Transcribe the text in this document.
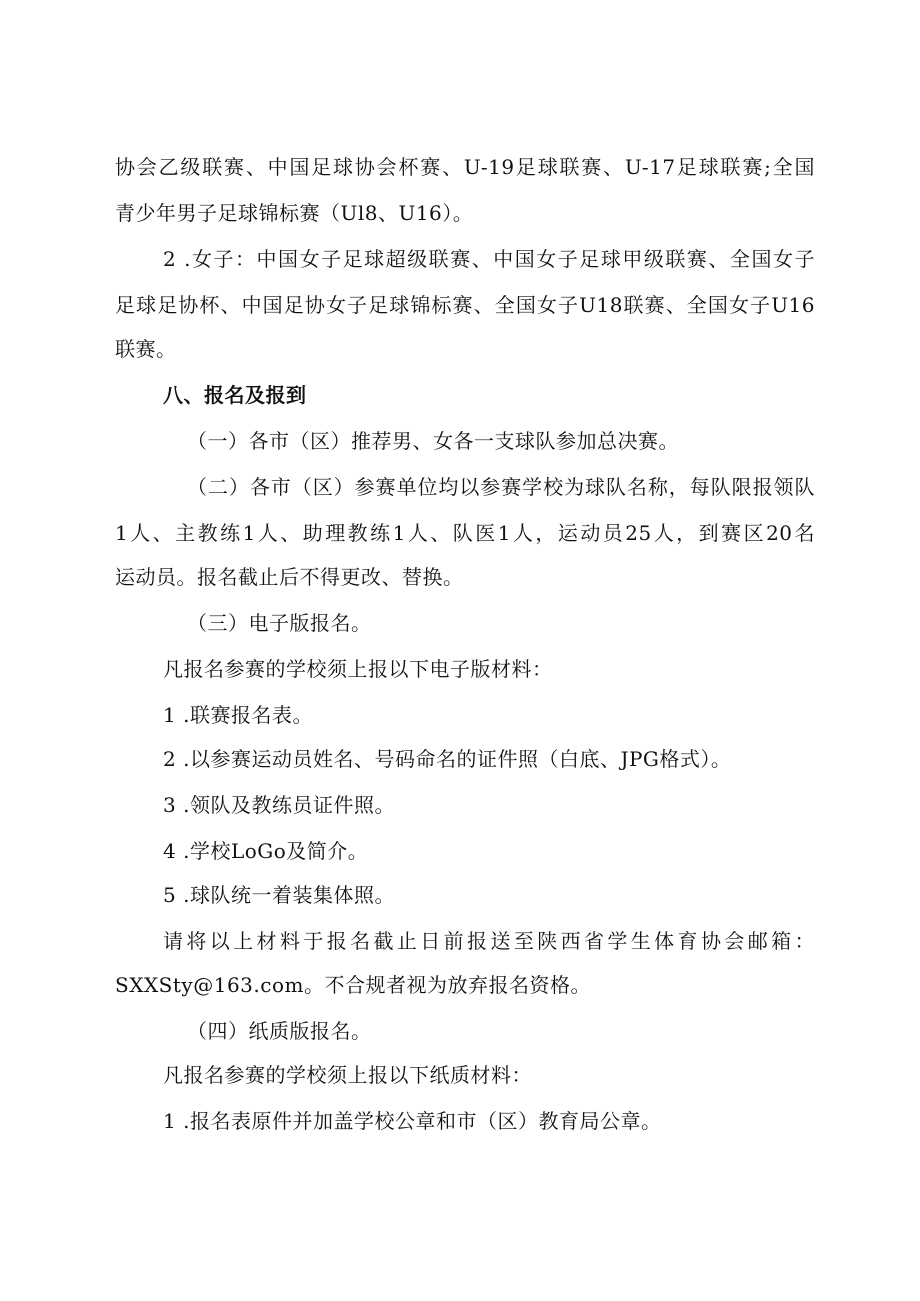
协会乙级联赛、中国足球协会杯赛、U-19足球联赛、U-17足球联赛;全国
青少年男子足球锦标赛（Ul8、U16）。
2 .女子：中国女子足球超级联赛、中国女子足球甲级联赛、全国女子
足球足协杯、中国足协女子足球锦标赛、全国女子U18联赛、全国女子U16
联赛。
八、报名及报到
（一）各市（区）推荐男、女各一支球队参加总决赛。
（二）各市（区）参赛单位均以参赛学校为球队名称，每队限报领队
1人、主教练1人、助理教练1人、队医1人，运动员25人，到赛区20名
运动员。报名截止后不得更改、替换。
（三）电子版报名。
凡报名参赛的学校须上报以下电子版材料：
1 .联赛报名表。
2 .以参赛运动员姓名、号码命名的证件照（白底、JPG格式）。
3 .领队及教练员证件照。
4 .学校LoGo及简介。
5 .球队统一着装集体照。
请将以上材料于报名截止日前报送至陕西省学生体育协会邮箱：
SXXSty@163.com。不合规者视为放弃报名资格。
（四）纸质版报名。
凡报名参赛的学校须上报以下纸质材料：
1 .报名表原件并加盖学校公章和市（区）教育局公章。
